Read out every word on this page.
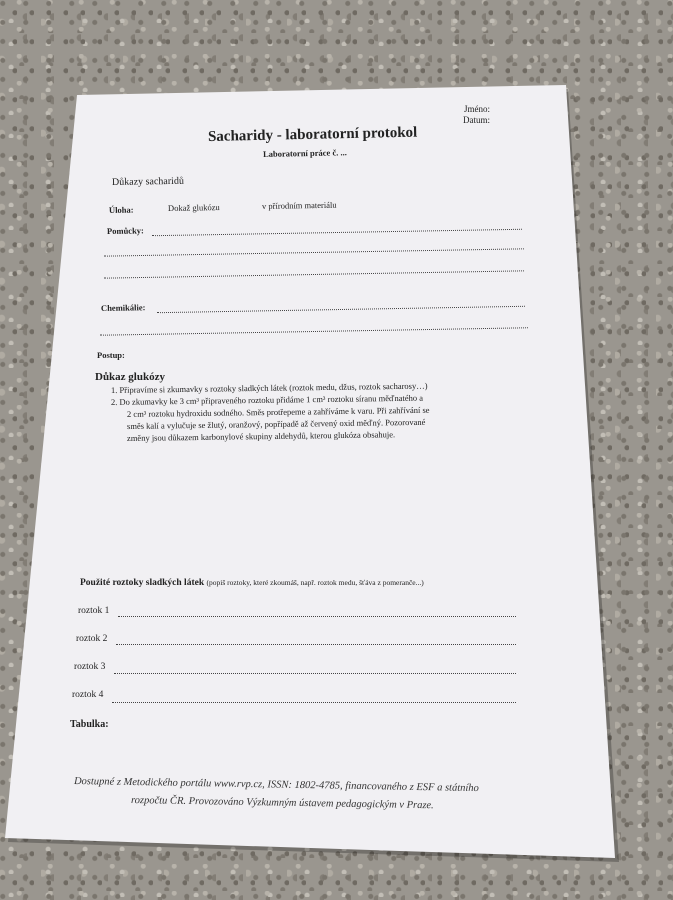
Jméno:
Datum:
Sacharidy - laboratorní protokol
Laboratorní práce č. ...
Důkazy sacharidů
Úloha:	Dokaž glukózu	v přírodním materiálu
Pomůcky:
Chemikálie:
Postup:
Důkaz glukózy
1. Připravíme si zkumavky s roztoky sladkých látek (roztok medu, džus, roztok sacharosy…)
2. Do zkumavky ke 3 cm³ připraveného roztoku přidáme 1 cm³ roztoku síranu měďnatého a
2 cm³ roztoku hydroxidu sodného. Směs protřepeme a zahříváme k varu. Při zahřívání se
směs kalí a vylučuje se žlutý, oranžový, popřípadě až červený oxid měďný. Pozorované
změny jsou důkazem karbonylové skupiny aldehydů, kterou glukóza obsahuje.
Použité roztoky sladkých látek (popiš roztoky, které zkoumáš, např. roztok medu, šťáva z pomeranče...)
roztok 1
roztok 2
roztok 3
roztok 4
Tabulka:
Dostupné z Metodického portálu www.rvp.cz, ISSN: 1802-4785, financovaného z ESF a státního
rozpočtu ČR. Provozováno Výzkumným ústavem pedagogickým v Praze.
